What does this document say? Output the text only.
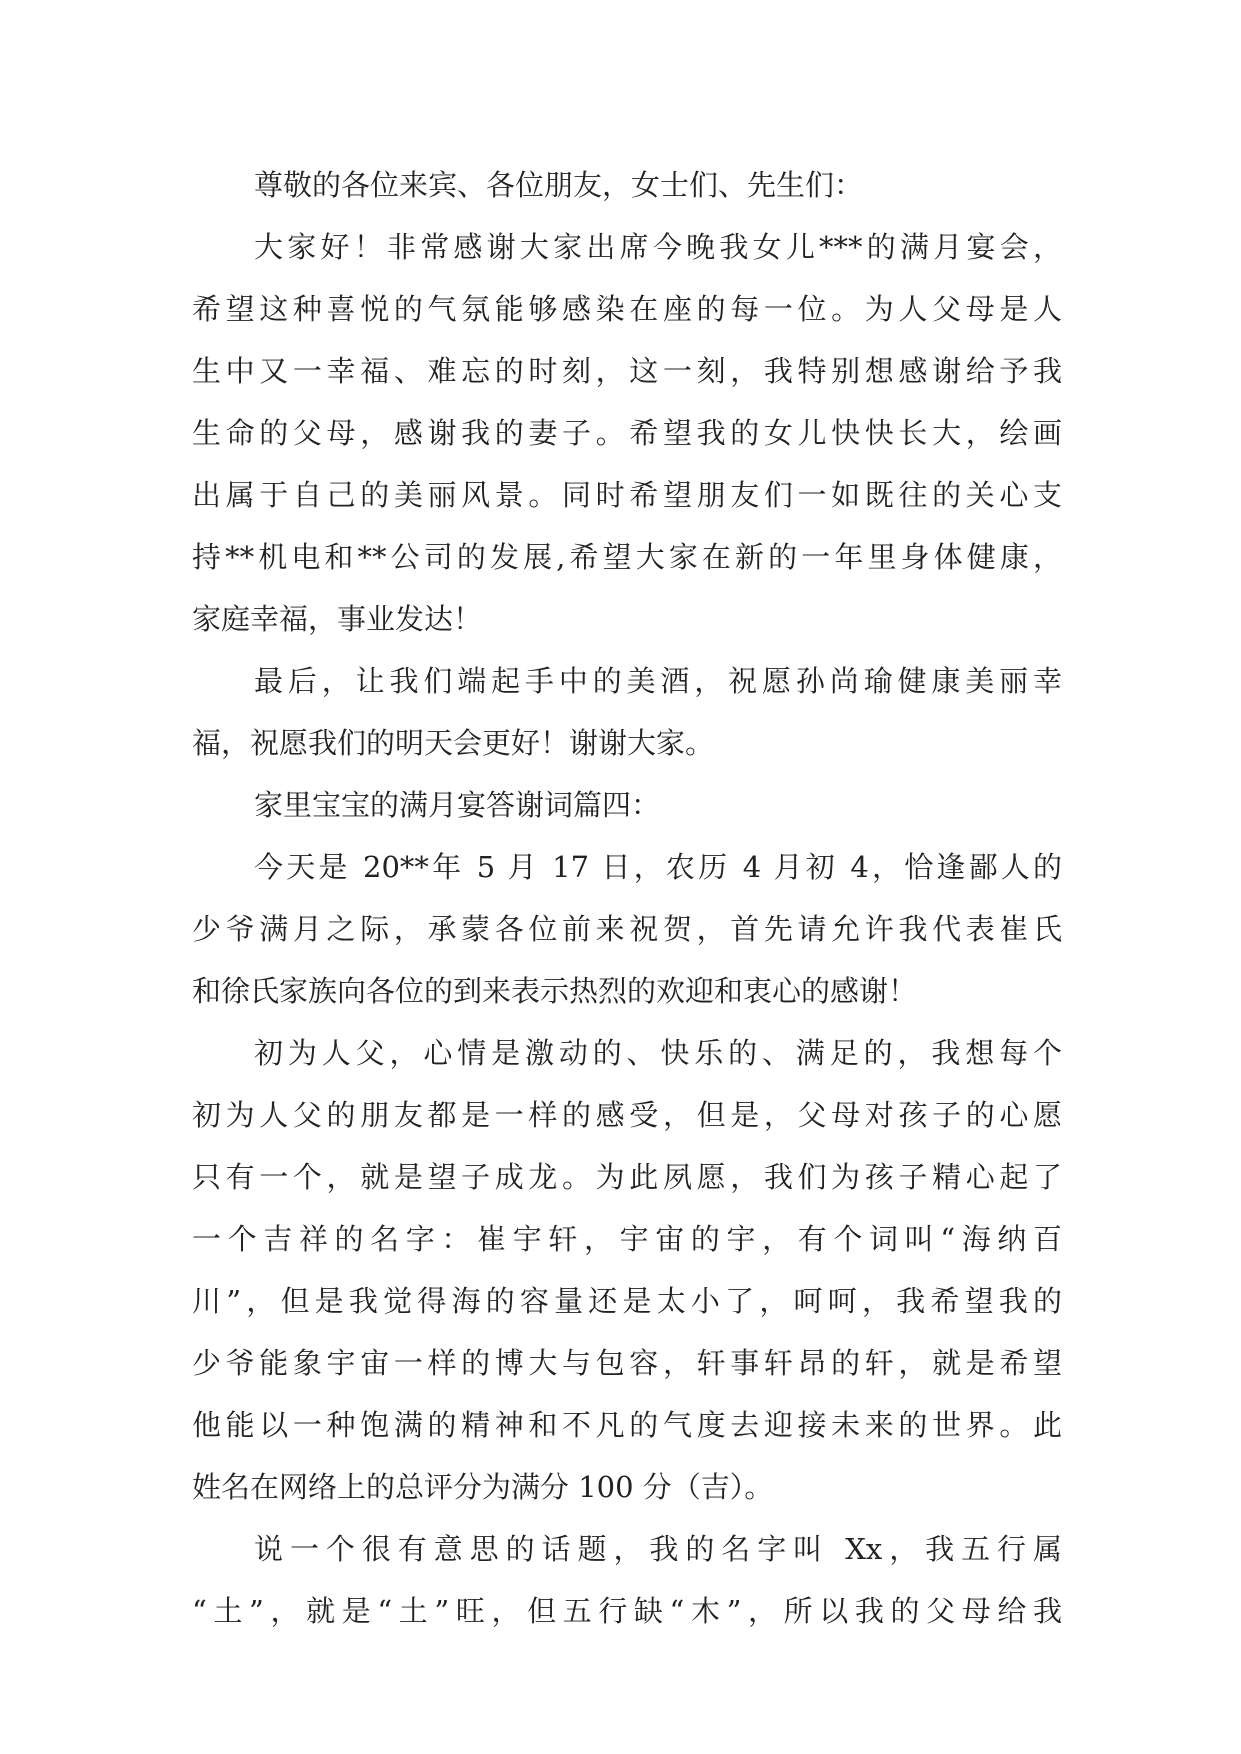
尊敬的各位来宾、各位朋友，女士们、先生们：
大家好！非常感谢大家出席今晚我女儿***的满月宴会，
希望这种喜悦的气氛能够感染在座的每一位。为人父母是人
生中又一幸福、难忘的时刻，这一刻，我特别想感谢给予我
生命的父母，感谢我的妻子。希望我的女儿快快长大，绘画
出属于自己的美丽风景。同时希望朋友们一如既往的关心支
持**机电和**公司的发展,希望大家在新的一年里身体健康，
家庭幸福，事业发达！
最后，让我们端起手中的美酒，祝愿孙尚瑜健康美丽幸
福，祝愿我们的明天会更好！谢谢大家。
家里宝宝的满月宴答谢词篇四：
今天是 20**年 5 月 17 日，农历 4 月初 4，恰逢鄙人的
少爷满月之际，承蒙各位前来祝贺，首先请允许我代表崔氏
和徐氏家族向各位的到来表示热烈的欢迎和衷心的感谢！
初为人父，心情是激动的、快乐的、满足的，我想每个
初为人父的朋友都是一样的感受，但是，父母对孩子的心愿
只有一个，就是望子成龙。为此夙愿，我们为孩子精心起了
一个吉祥的名字：崔宇轩，宇宙的宇，有个词叫“海纳百
川”，但是我觉得海的容量还是太小了，呵呵，我希望我的
少爷能象宇宙一样的博大与包容，轩事轩昂的轩，就是希望
他能以一种饱满的精神和不凡的气度去迎接未来的世界。此
姓名在网络上的总评分为满分 100 分（吉）。
说一个很有意思的话题，我的名字叫 Xx，我五行属
“土”，就是“土”旺，但五行缺“木”，所以我的父母给我
